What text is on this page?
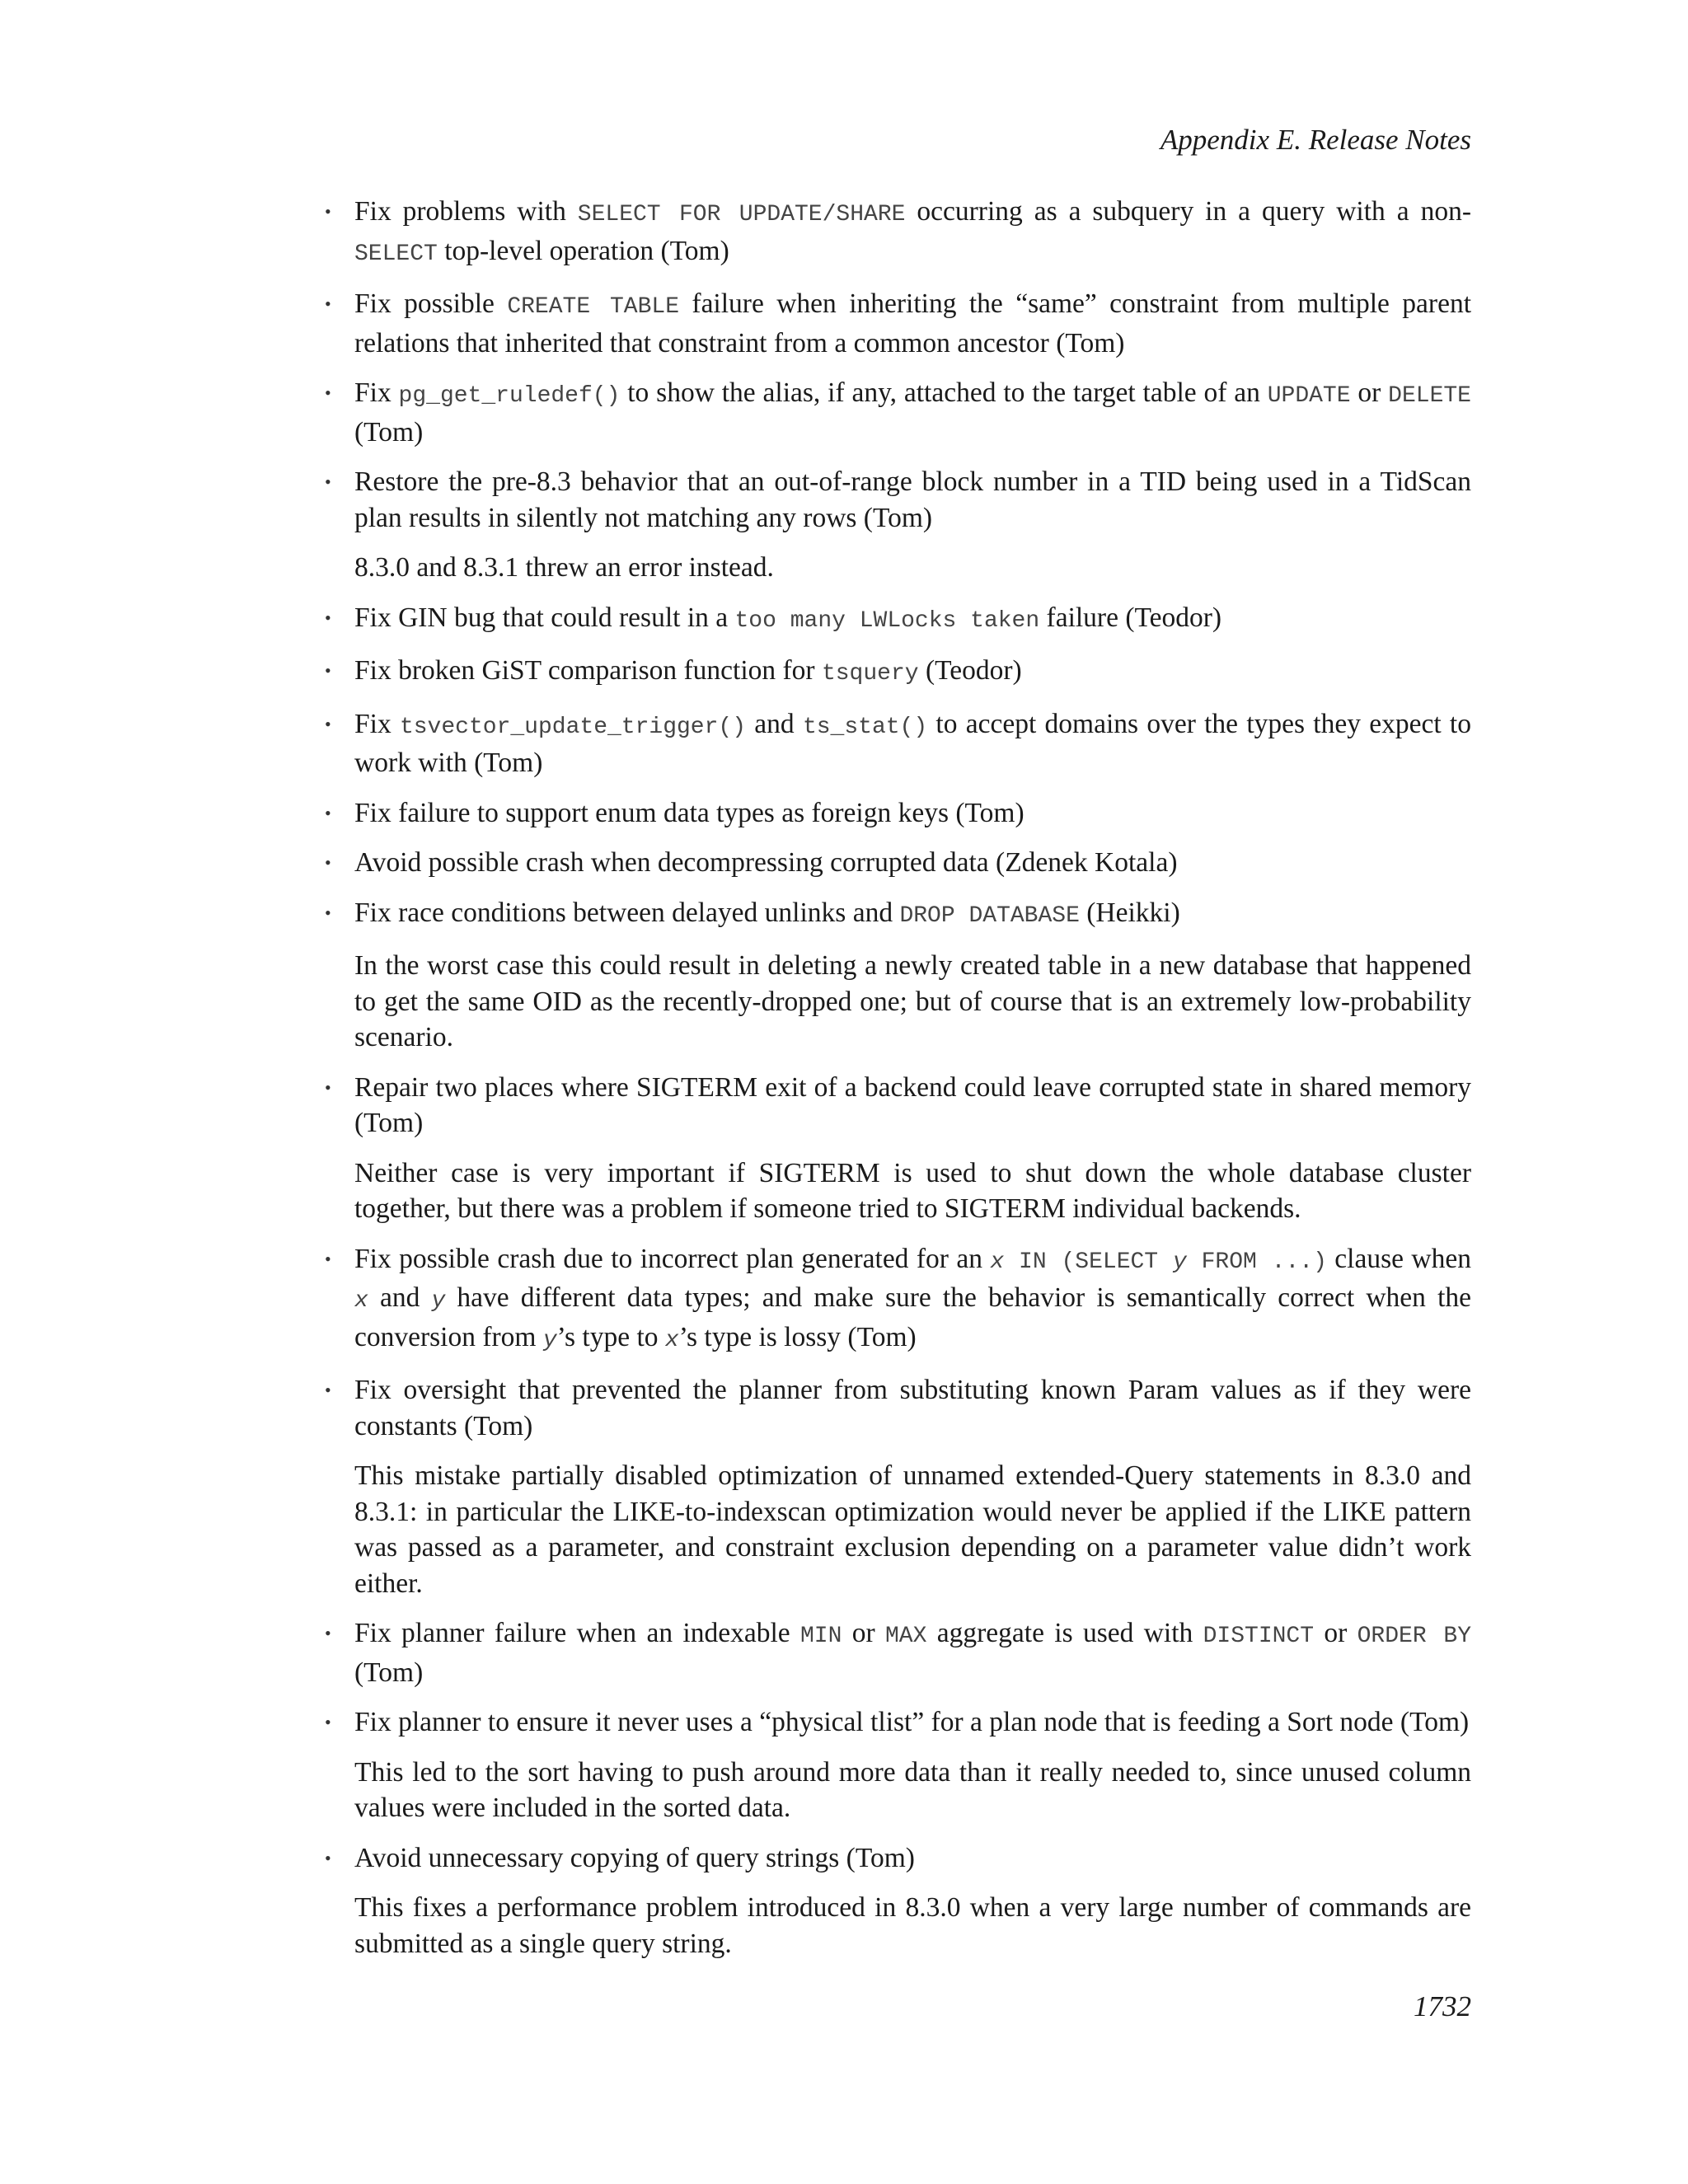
Appendix E. Release Notes
• Fix problems with SELECT FOR UPDATE/SHARE occurring as a subquery in a query with a non-SELECT top-level operation (Tom)
• Fix possible CREATE TABLE failure when inheriting the “same” constraint from multiple parent relations that inherited that constraint from a common ancestor (Tom)
• Fix pg_get_ruledef() to show the alias, if any, attached to the target table of an UPDATE or DELETE (Tom)
• Restore the pre-8.3 behavior that an out-of-range block number in a TID being used in a TidScan plan results in silently not matching any rows (Tom)
8.3.0 and 8.3.1 threw an error instead.
• Fix GIN bug that could result in a too many LWLocks taken failure (Teodor)
• Fix broken GiST comparison function for tsquery (Teodor)
• Fix tsvector_update_trigger() and ts_stat() to accept domains over the types they expect to work with (Tom)
• Fix failure to support enum data types as foreign keys (Tom)
• Avoid possible crash when decompressing corrupted data (Zdenek Kotala)
• Fix race conditions between delayed unlinks and DROP DATABASE (Heikki)
In the worst case this could result in deleting a newly created table in a new database that happened to get the same OID as the recently-dropped one; but of course that is an extremely low-probability scenario.
• Repair two places where SIGTERM exit of a backend could leave corrupted state in shared memory (Tom)
Neither case is very important if SIGTERM is used to shut down the whole database cluster together, but there was a problem if someone tried to SIGTERM individual backends.
• Fix possible crash due to incorrect plan generated for an x IN (SELECT y FROM ...) clause when x and y have different data types; and make sure the behavior is semantically correct when the conversion from y’s type to x’s type is lossy (Tom)
• Fix oversight that prevented the planner from substituting known Param values as if they were constants (Tom)
This mistake partially disabled optimization of unnamed extended-Query statements in 8.3.0 and 8.3.1: in particular the LIKE-to-indexscan optimization would never be applied if the LIKE pattern was passed as a parameter, and constraint exclusion depending on a parameter value didn’t work either.
• Fix planner failure when an indexable MIN or MAX aggregate is used with DISTINCT or ORDER BY (Tom)
• Fix planner to ensure it never uses a “physical tlist” for a plan node that is feeding a Sort node (Tom)
This led to the sort having to push around more data than it really needed to, since unused column values were included in the sorted data.
• Avoid unnecessary copying of query strings (Tom)
This fixes a performance problem introduced in 8.3.0 when a very large number of commands are submitted as a single query string.
1732
